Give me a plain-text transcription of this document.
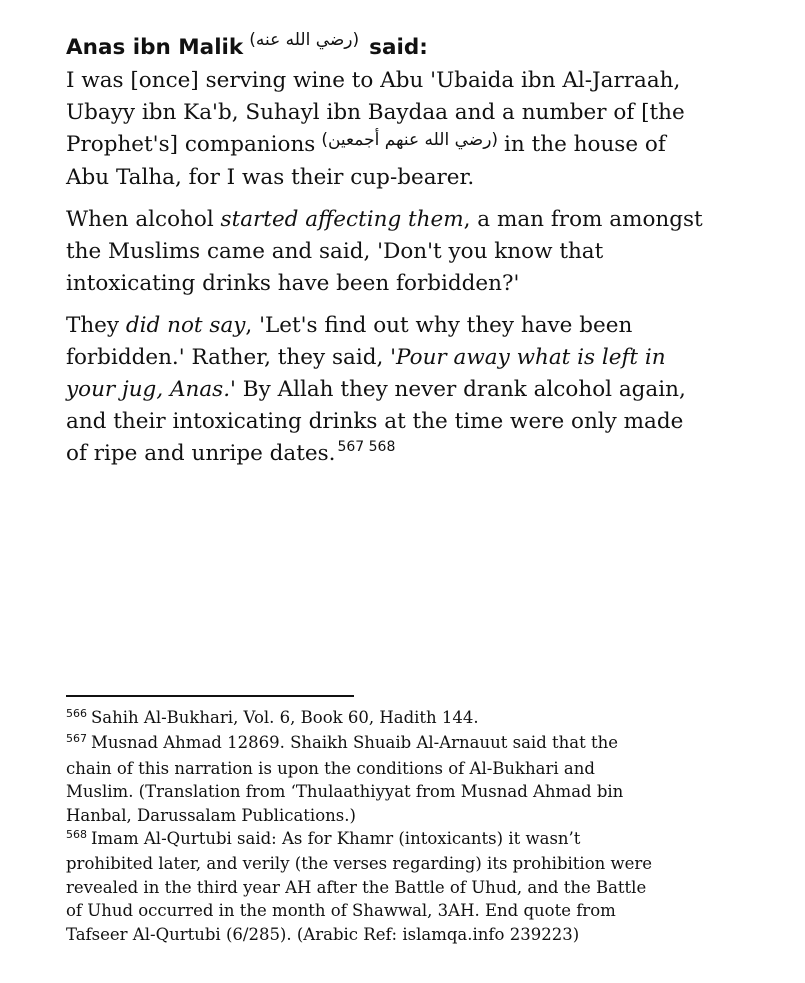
Anas ibn Malik $^{(رضي الله عنه)}$ said:
I was [once] serving wine to Abu 'Ubaida ibn Al-Jarraah,
Ubayy ibn Ka'b, Suhayl ibn Baydaa and a number of [the
Prophet's] companions $^{(رضي الله عنهم أجمعين)}$ in the house of
Abu Talha, for I was their cup-bearer.

When alcohol started affecting them, a man from amongst
the Muslims came and said, 'Don't you know that
intoxicating drinks have been forbidden?'

They did not say, 'Let's find out why they have been
forbidden.' Rather, they said, 'Pour away what is left in
your jug, Anas.' By Allah they never drank alcohol again,
and their intoxicating drinks at the time were only made
of ripe and unripe dates. $^{567 568}$

$^{566}$ Sahih Al-Bukhari, Vol. 6, Book 60, Hadith 144.

$^{567}$ Musnad Ahmad 12869. Shaikh Shuaib Al-Arnauut said that the
chain of this narration is upon the conditions of Al-Bukhari and
Muslim. (Translation from ‘Thulaathiyyat from Musnad Ahmad bin
Hanbal, Darussalam Publications.)

$^{568}$ Imam Al-Qurtubi said: As for Khamr (intoxicants) it wasn’t
prohibited later, and verily (the verses regarding) its prohibition were
revealed in the third year AH after the Battle of Uhud, and the Battle
of Uhud occurred in the month of Shawwal, 3AH. End quote from
Tafseer Al-Qurtubi (6/285). (Arabic Ref: islamqa.info 239223)
